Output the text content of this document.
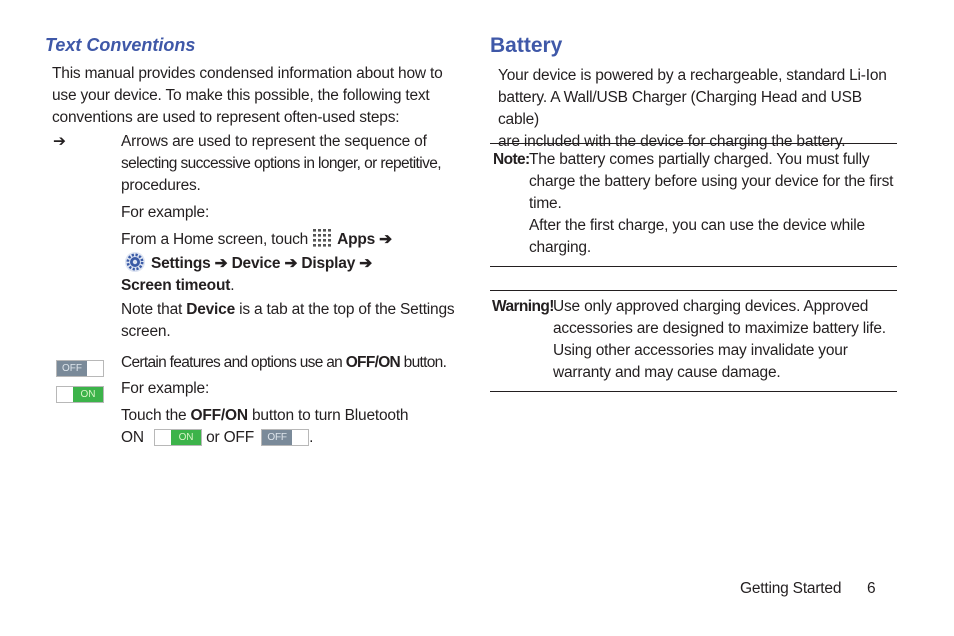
Text Conventions
This manual provides condensed information about how to
use your device. To make this possible, the following text
conventions are used to represent often-used steps:
➔	Arrows are used to represent the sequence of
selecting successive options in longer, or repetitive,
procedures.
For example:
From a Home screen, touch Apps ➔
Settings ➔ Device ➔ Display ➔
Screen timeout.
Note that Device is a tab at the top of the Settings
screen.
OFF
ON
Certain features and options use an OFF/ON button.
For example:
Touch the OFF/ON button to turn Bluetooth
ON	ON or OFF	OFF	.
Battery
Your device is powered by a rechargeable, standard Li-Ion
battery. A Wall/USB Charger (Charging Head and USB cable)
are included with the device for charging the battery.
Note: The battery comes partially charged. You must fully
charge the battery before using your device for the first
time.
After the first charge, you can use the device while
charging.
Warning! Use only approved charging devices. Approved
accessories are designed to maximize battery life.
Using other accessories may invalidate your
warranty and may cause damage.
Getting Started 6
